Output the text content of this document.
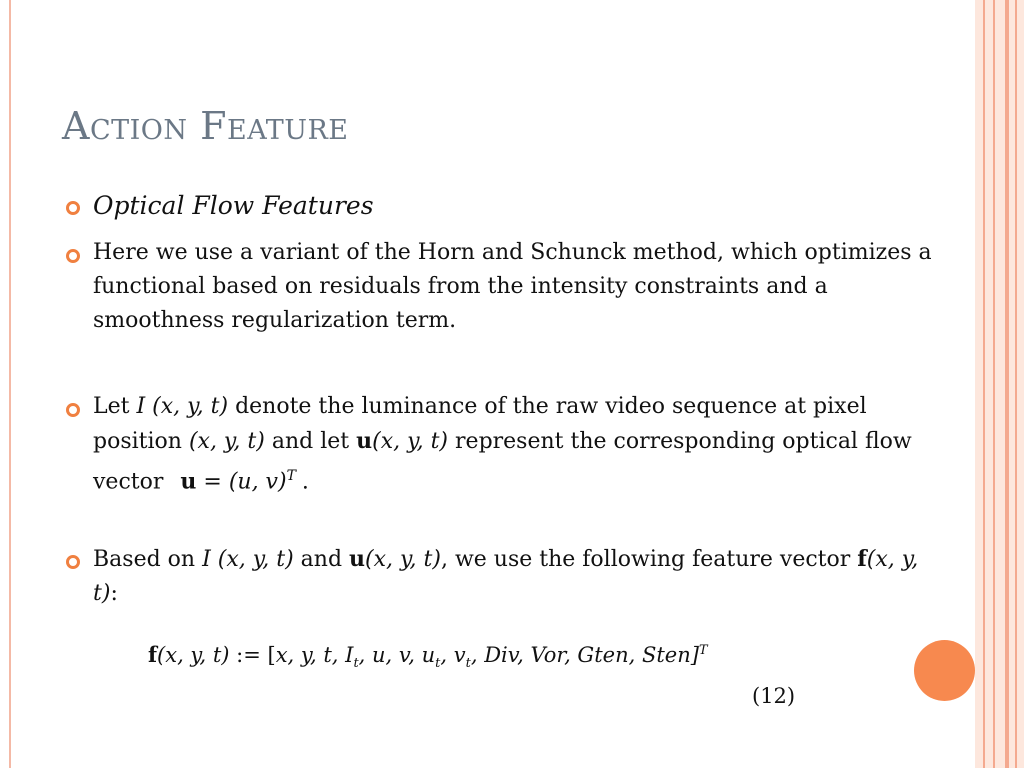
Action Feature
Optical Flow Features
Here we use a variant of the Horn and Schunck method, which optimizes a functional based on residuals from the intensity constraints and a smoothness regularization term.
Let I (x, y, t) denote the luminance of the raw video sequence at pixel position (x, y, t) and let u(x, y, t) represent the corresponding optical flow vector u = (u, v)$^T$ .
Based on I (x, y, t) and u(x, y, t), we use the following feature vector f(x, y, t):
f(x, y, t) := [x, y, t, $I_t$, u, v, $u_t$, $v_t$, Div, Vor, Gten, Sten]$^T$
(12)
